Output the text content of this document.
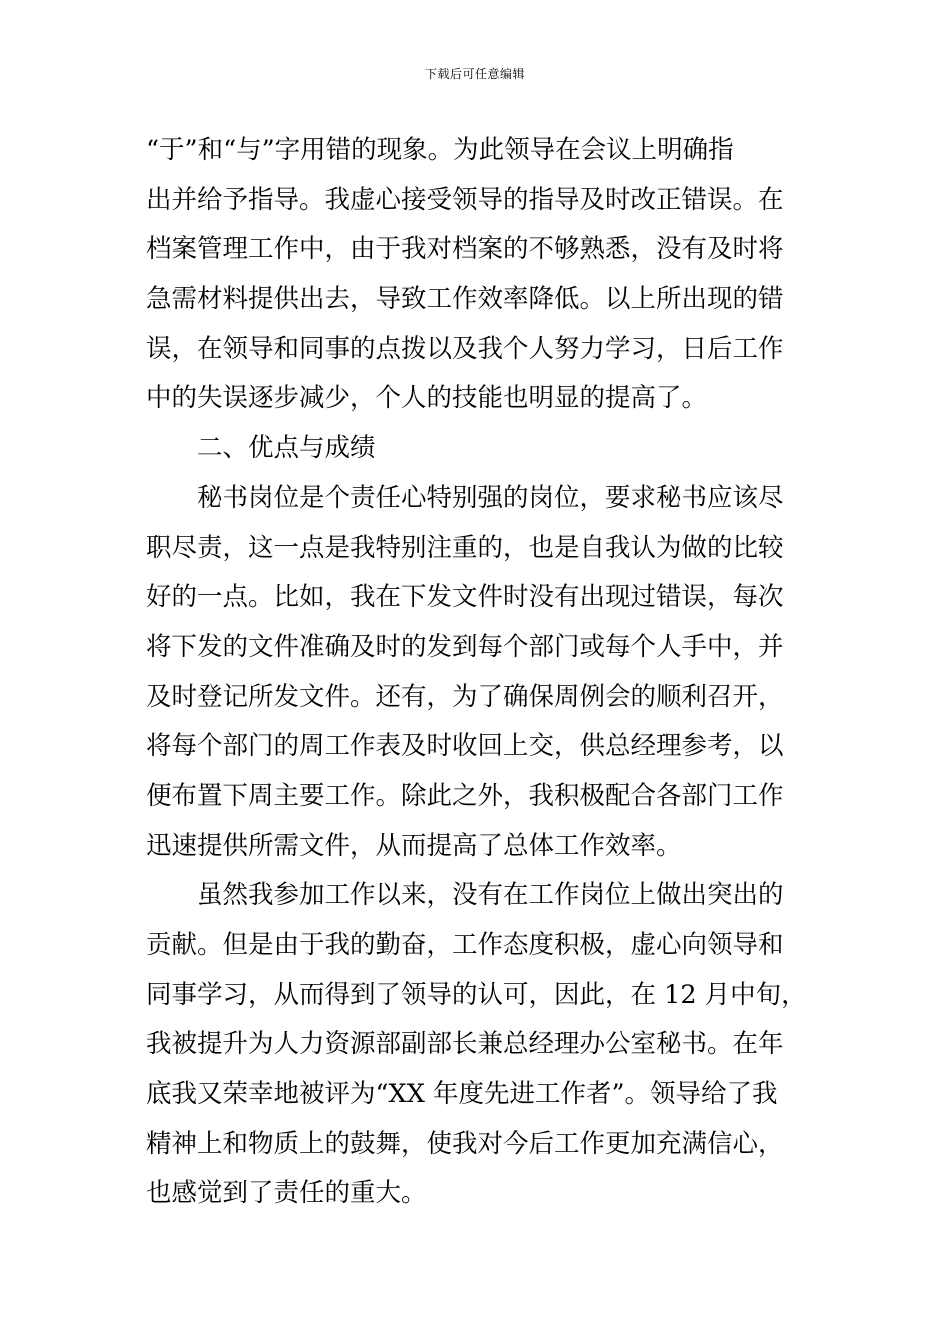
下载后可任意编辑
“于”和“与”字用错的现象。为此领导在会议上明确指
出并给予指导。我虚心接受领导的指导及时改正错误。在
档案管理工作中，由于我对档案的不够熟悉，没有及时将
急需材料提供出去，导致工作效率降低。以上所出现的错
误，在领导和同事的点拨以及我个人努力学习，日后工作
中的失误逐步减少，个人的技能也明显的提高了。
二、优点与成绩
秘书岗位是个责任心特别强的岗位，要求秘书应该尽
职尽责，这一点是我特别注重的，也是自我认为做的比较
好的一点。比如，我在下发文件时没有出现过错误，每次
将下发的文件准确及时的发到每个部门或每个人手中，并
及时登记所发文件。还有，为了确保周例会的顺利召开，
将每个部门的周工作表及时收回上交，供总经理参考，以
便布置下周主要工作。除此之外，我积极配合各部门工作
迅速提供所需文件，从而提高了总体工作效率。
虽然我参加工作以来，没有在工作岗位上做出突出的
贡献。但是由于我的勤奋，工作态度积极，虚心向领导和
同事学习，从而得到了领导的认可，因此，在 12 月中旬，
我被提升为人力资源部副部长兼总经理办公室秘书。在年
底我又荣幸地被评为“XX 年度先进工作者”。领导给了我
精神上和物质上的鼓舞，使我对今后工作更加充满信心，
也感觉到了责任的重大。
